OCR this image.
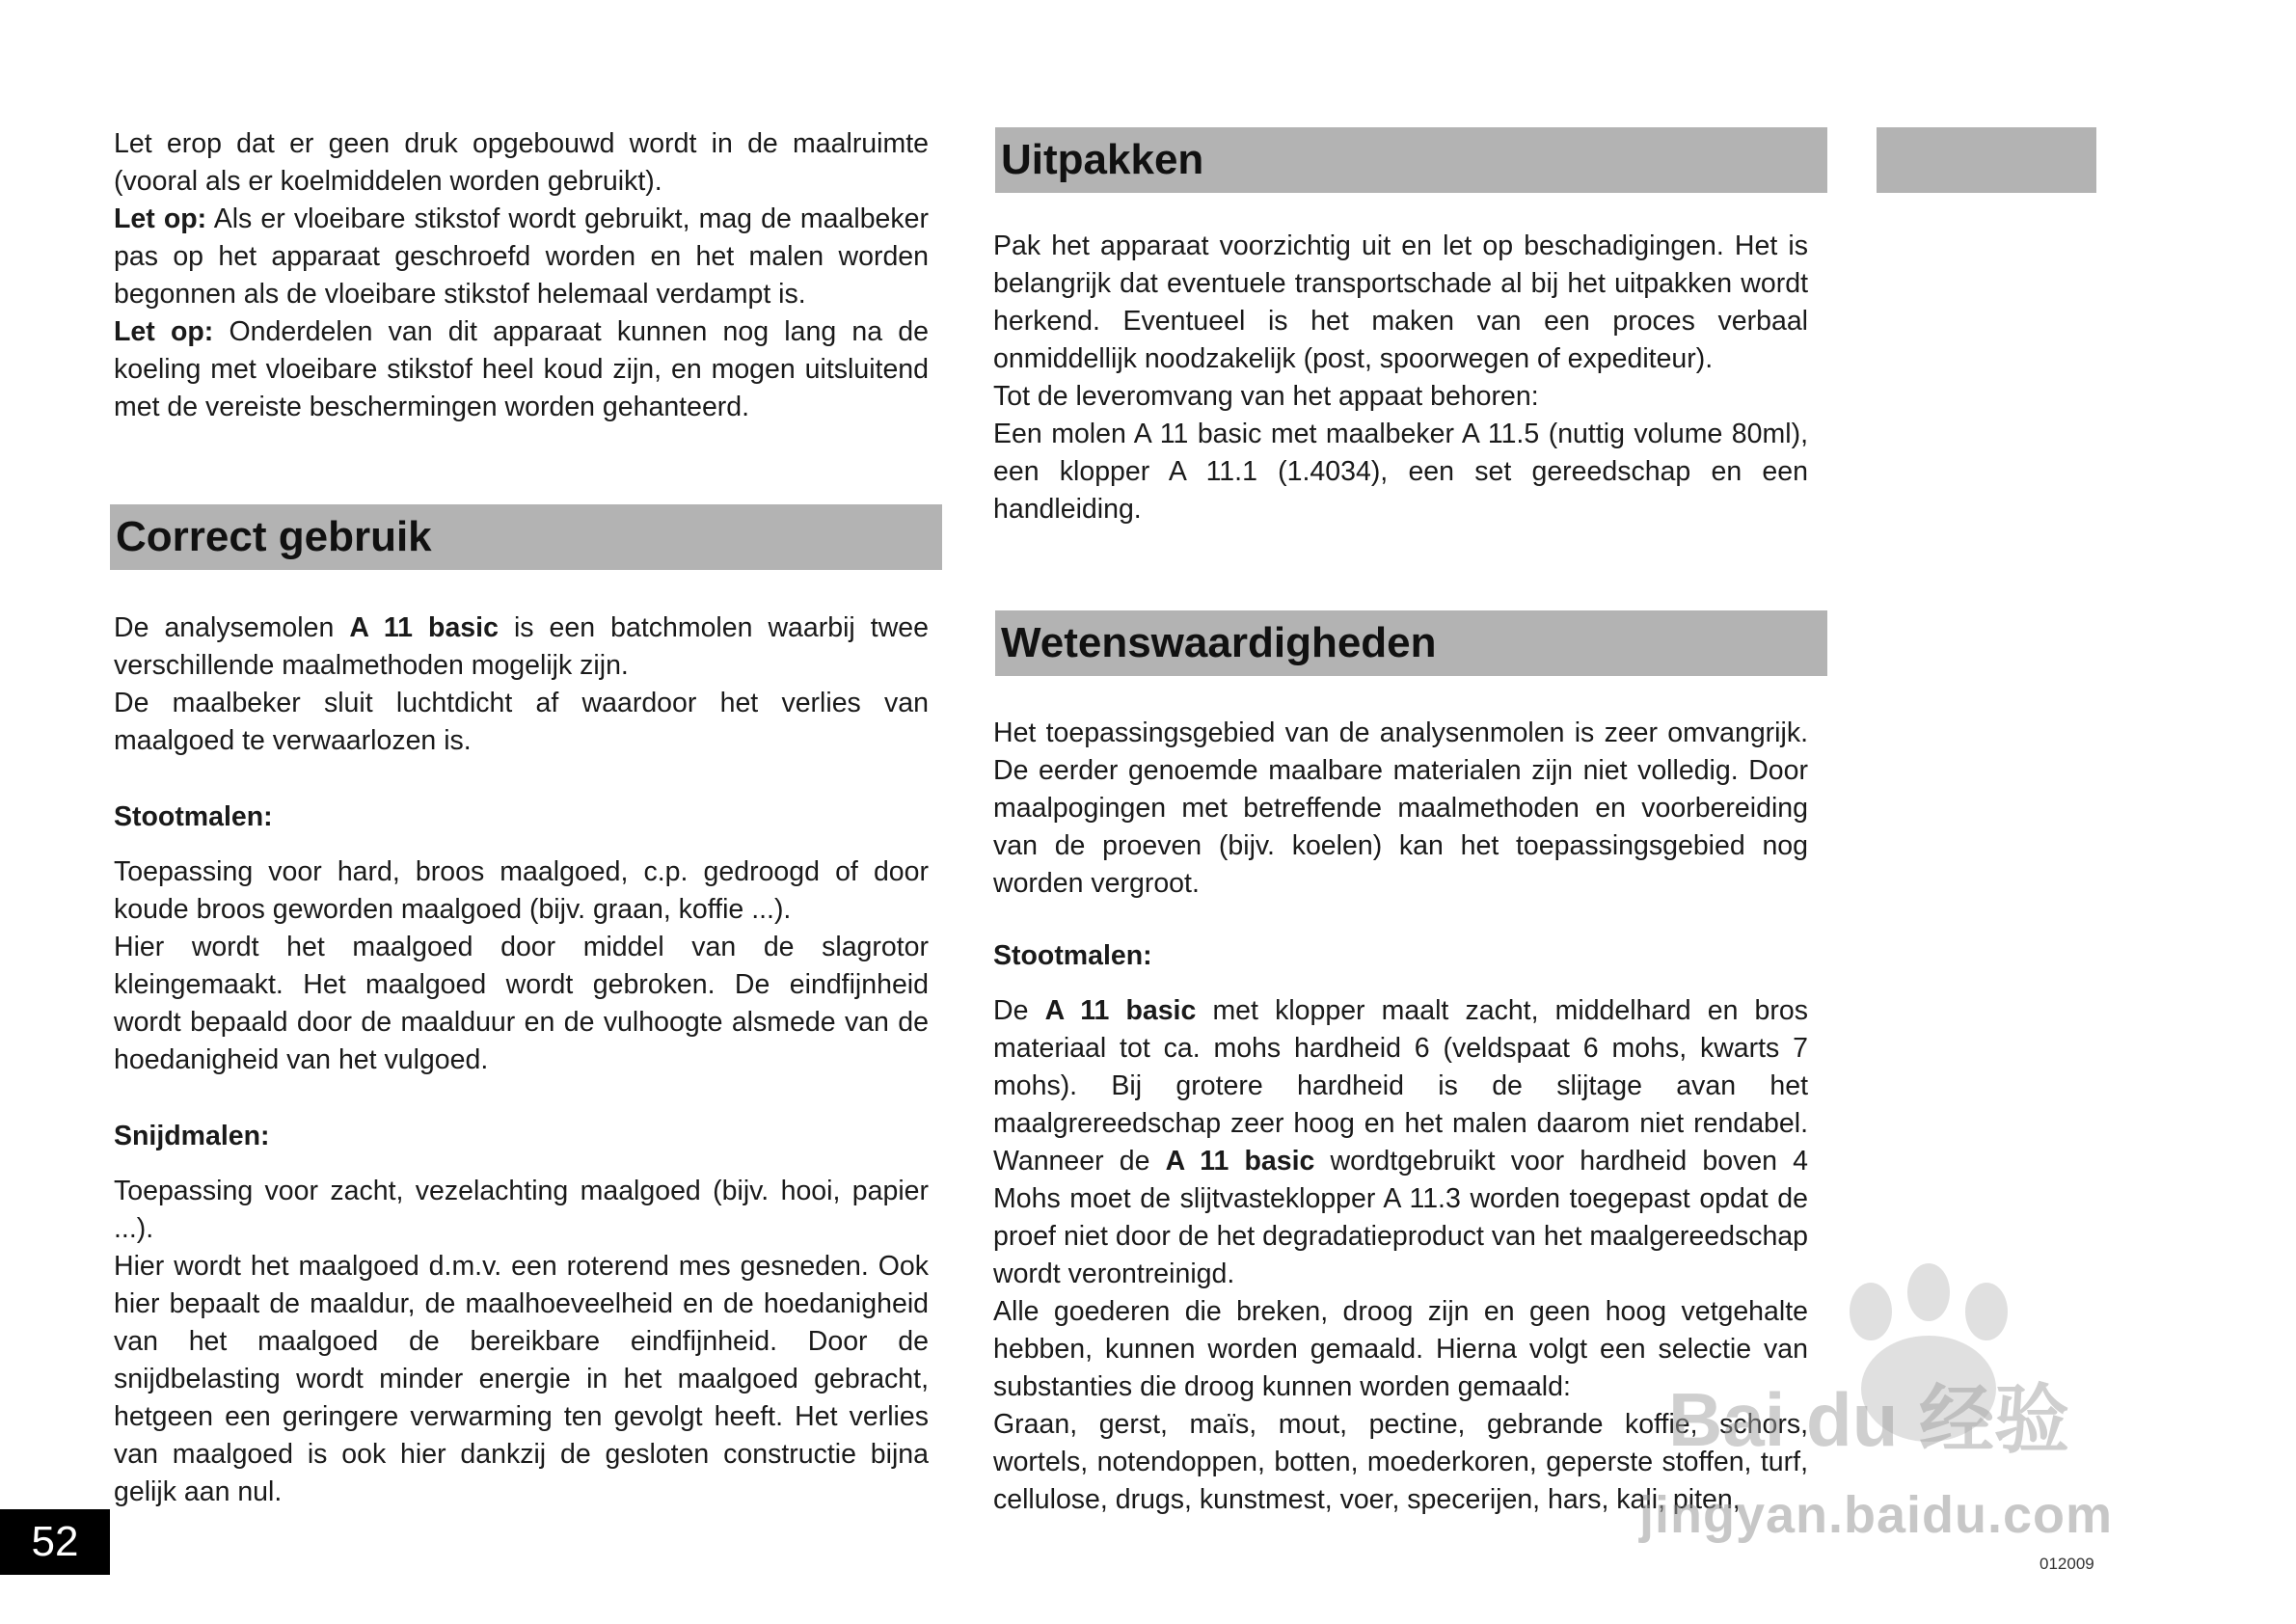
Let erop dat er geen druk opgebouwd wordt in de maalruimte (vooral als er koelmiddelen worden gebruikt).

Let op: Als er vloeibare stikstof wordt gebruikt, mag de maalbeker pas op het apparaat geschroefd worden en het malen worden begonnen als de vloeibare stikstof helemaal verdampt is.

Let op: Onderdelen van dit apparaat kunnen nog lang na de koeling met vloeibare stikstof heel koud zijn, en mogen uitsluitend met de vereiste beschermingen worden gehanteerd.

Correct gebruik

De analysemolen A 11 basic is een batchmolen waarbij twee verschillende maalmethoden mogelijk zijn.

De maalbeker sluit luchtdicht af waardoor het verlies van maalgoed te verwaarlozen is.

Stootmalen:

Toepassing voor hard, broos maalgoed, c.p. gedroogd of door koude broos geworden maalgoed (bijv. graan, koffie ...).

Hier wordt het maalgoed door middel van de slagrotor kleingemaakt. Het maalgoed wordt gebroken. De eindfijnheid wordt bepaald door de maalduur en de vulhoogte alsmede van de hoedanigheid van het vulgoed.

Snijdmalen:

Toepassing voor zacht, vezelachting maalgoed (bijv. hooi, papier ...).

Hier wordt het maalgoed d.m.v. een roterend mes gesneden. Ook hier bepaalt de maaldur, de maalhoeveelheid en de hoedanigheid van het maalgoed de bereikbare eindfijnheid. Door de snijdbelasting wordt minder energie in het maalgoed gebracht, hetgeen een geringere verwarming ten gevolgt heeft. Het verlies van maalgoed is ook hier dankzij de gesloten constructie bijna gelijk aan nul.

Uitpakken

Pak het apparaat voorzichtig uit en let op beschadigingen. Het is belangrijk dat eventuele transportschade al bij het uitpakken wordt herkend. Eventueel is het maken van een proces verbaal onmiddellijk noodzakelijk (post, spoorwegen of expediteur).

Tot de leveromvang van het appaat behoren:

Een molen A 11 basic met maalbeker A 11.5 (nuttig volume 80ml), een klopper A 11.1 (1.4034), een set gereedschap en een handleiding.

Wetenswaardigheden

Het toepassingsgebied van de analysenmolen is zeer omvangrijk. De eerder genoemde maalbare materialen zijn niet volledig. Door maalpogingen met betreffende maalmethoden en voorbereiding van de proeven (bijv. koelen) kan het toepassingsgebied nog worden vergroot.

Stootmalen:

De A 11 basic met klopper maalt zacht, middelhard en bros materiaal tot ca. mohs hardheid 6 (veldspaat 6 mohs, kwarts 7 mohs). Bij grotere hardheid is de slijtage avan het maalgrereedschap zeer hoog en het malen daarom niet rendabel. Wanneer de A 11 basic wordtgebruikt voor hardheid boven 4 Mohs moet de slijtvasteklopper A 11.3 worden toegepast opdat de proef niet door de het degradatieproduct van het maalgereedschap wordt verontreinigd.

Alle goederen die breken, droog zijn en geen hoog vetgehalte hebben, kunnen worden gemaald. Hierna volgt een selectie van substanties die droog kunnen worden gemaald:

Graan, gerst, maïs, mout, pectine, gebrande koffie, schors, wortels, notendoppen, botten, moederkoren, geperste stoffen, turf, cellulose, drugs, kunstmest, voer, specerijen, hars, kali, piten,

52	012009
Bai du 经验
jingyan.baidu.com
